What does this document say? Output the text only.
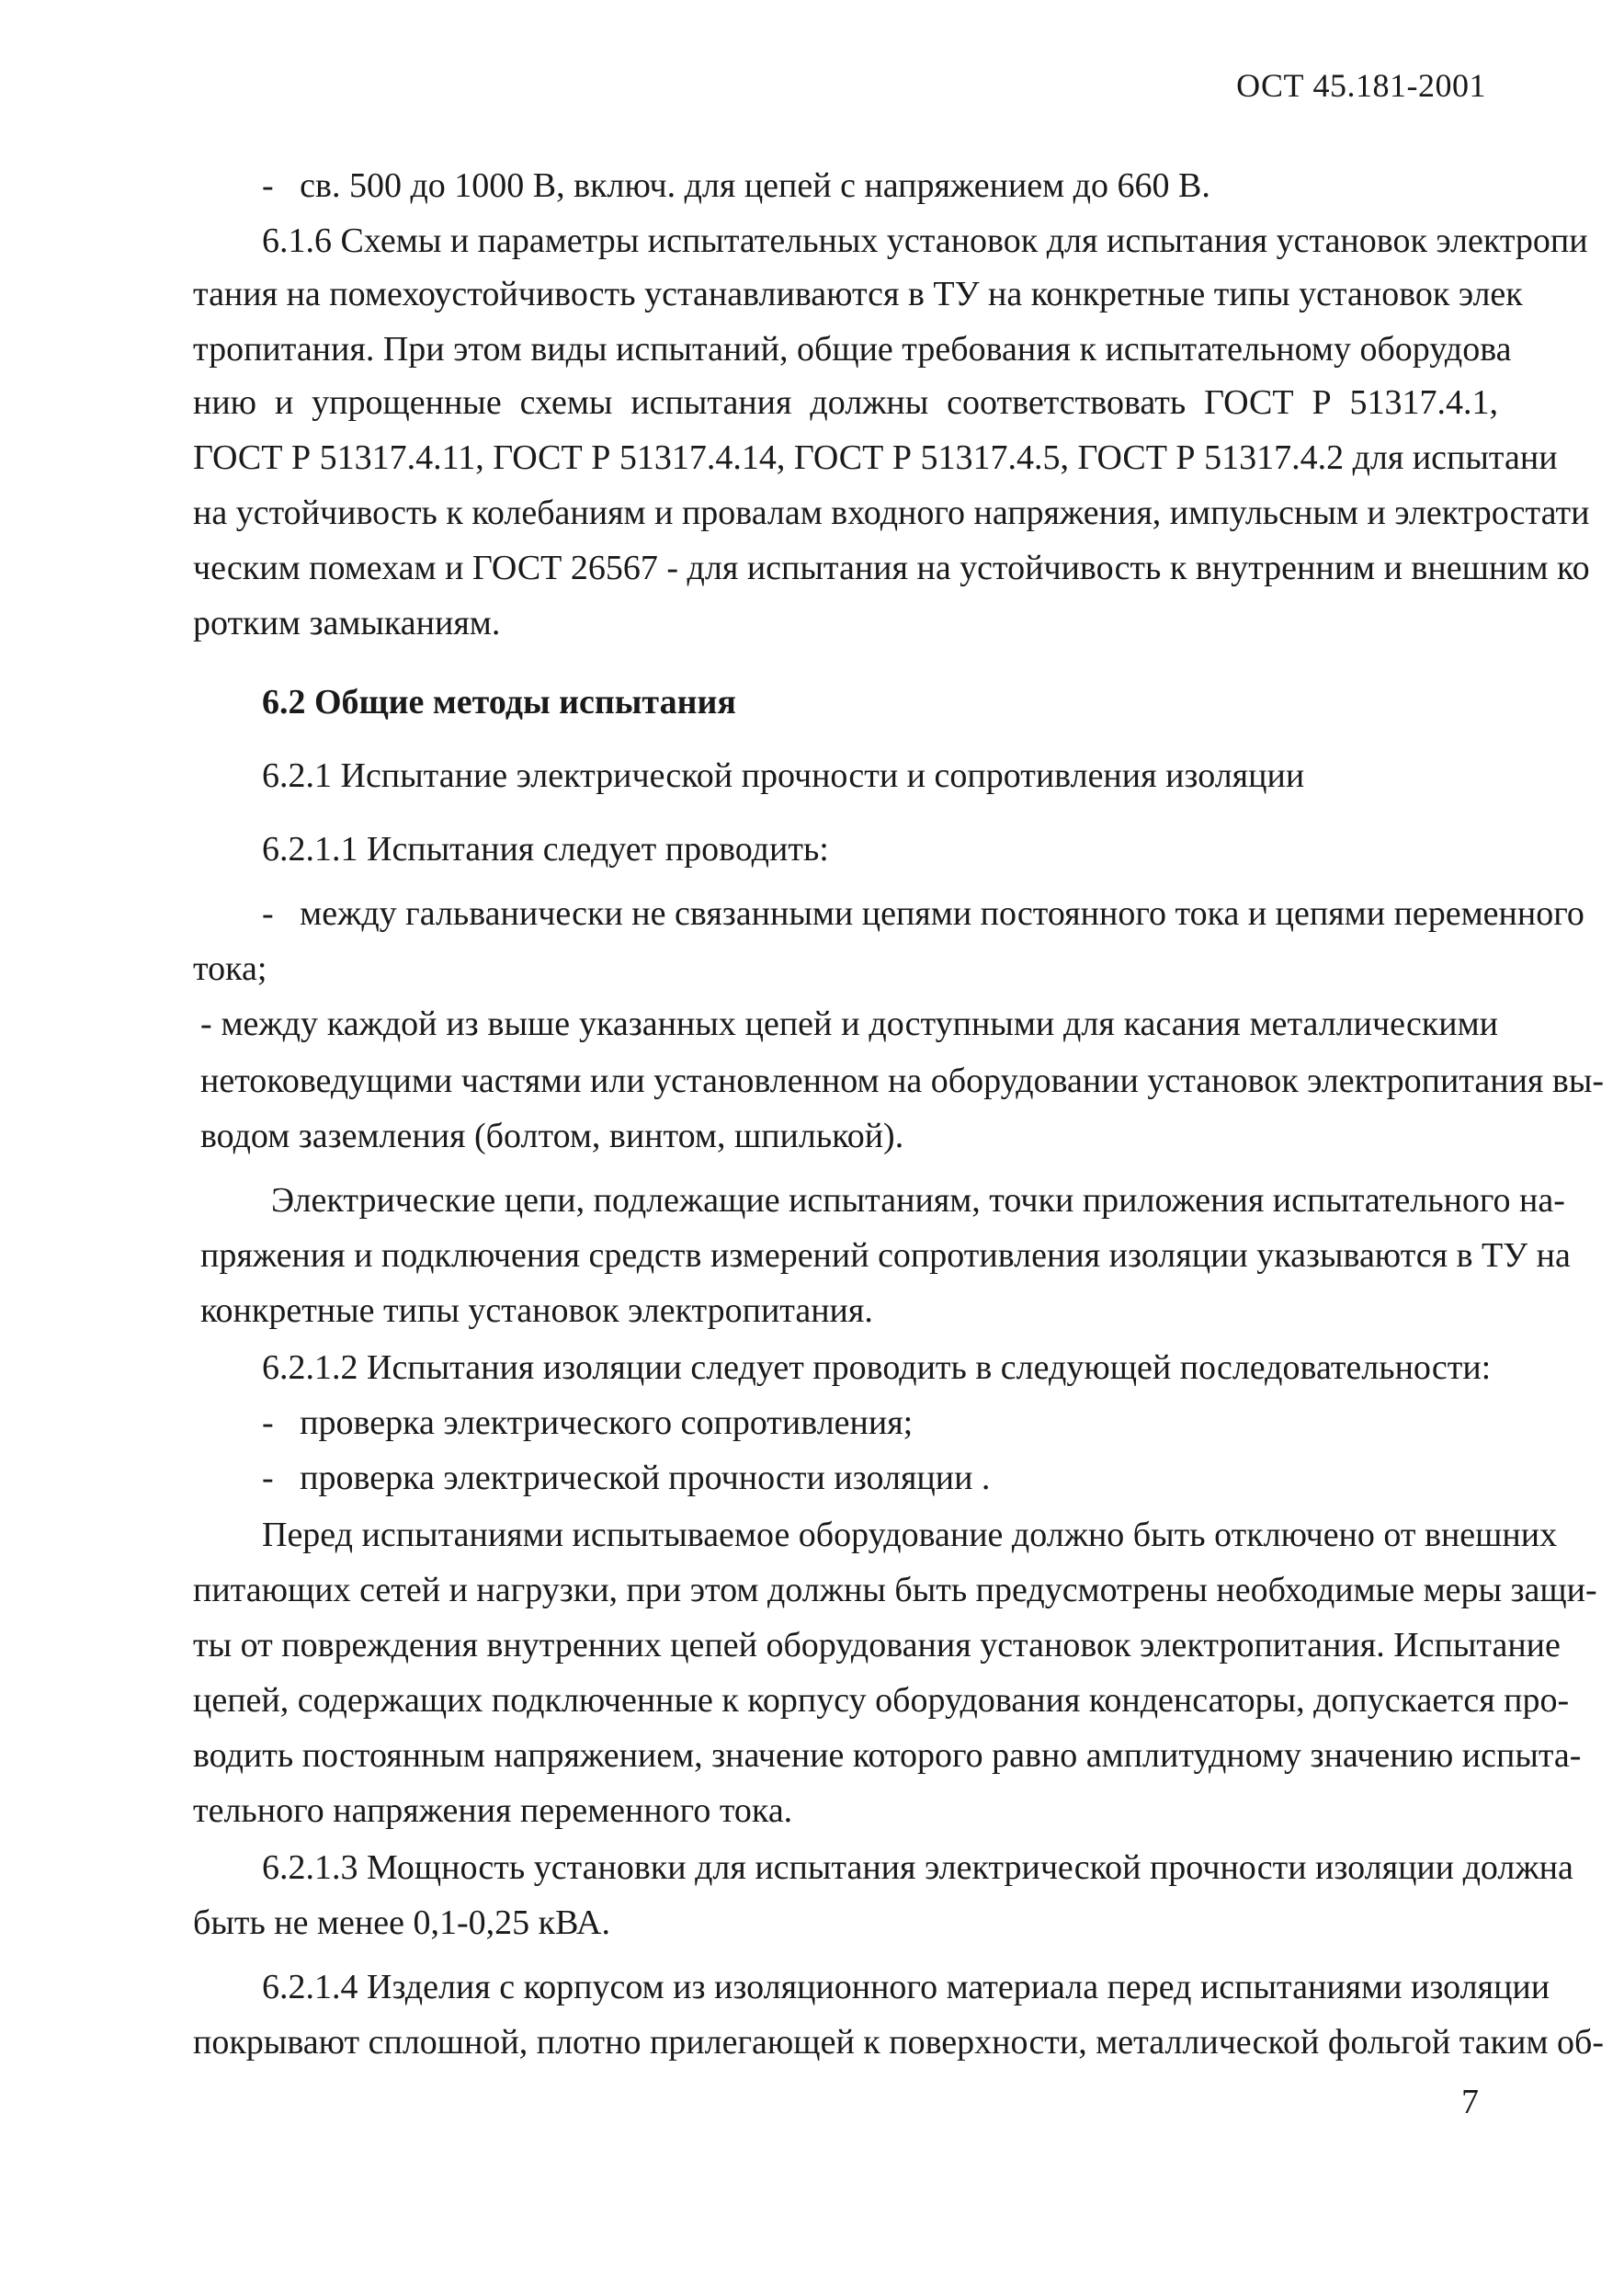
ОСТ 45.181-2001
-   св. 500 до 1000 В, включ. для цепей с напряжением до 660 В.
6.1.6 Схемы и параметры испытательных установок для испытания установок электропи
тания на помехоустойчивость устанавливаются в ТУ на конкретные типы установок элек
тропитания. При этом виды испытаний, общие требования к испытательному оборудова
нию и упрощенные схемы испытания должны соответствовать ГОСТ Р 51317.4.1,
ГОСТ Р 51317.4.11, ГОСТ Р 51317.4.14, ГОСТ Р 51317.4.5, ГОСТ Р 51317.4.2 для испытани
на устойчивость к колебаниям и провалам входного напряжения, импульсным и электростати
ческим помехам и ГОСТ 26567 - для испытания на устойчивость к внутренним и внешним ко
ротким замыканиям.
6.2 Общие методы испытания
6.2.1 Испытание электрической прочности и сопротивления изоляции
6.2.1.1 Испытания следует проводить:
-   между гальванически не связанными цепями постоянного тока и цепями переменного
тока;
- между каждой из выше указанных цепей и доступными для касания металлическими
нетоковедущими частями или установленном на оборудовании установок электропитания вы-
водом заземления (болтом, винтом, шпилькой).
Электрические цепи, подлежащие испытаниям, точки приложения испытательного на-
пряжения и подключения средств измерений сопротивления изоляции указываются в ТУ на
конкретные типы установок электропитания.
6.2.1.2 Испытания изоляции следует проводить в следующей последовательности:
-   проверка электрического сопротивления;
-   проверка электрической прочности изоляции .
Перед испытаниями испытываемое оборудование должно быть отключено от внешних
питающих сетей и нагрузки, при этом должны быть предусмотрены необходимые меры защи-
ты от повреждения внутренних цепей оборудования установок электропитания. Испытание
цепей, содержащих подключенные к корпусу оборудования конденсаторы, допускается про-
водить постоянным напряжением, значение которого равно амплитудному значению испыта-
тельного напряжения переменного тока.
6.2.1.3 Мощность установки для испытания электрической прочности изоляции должна
быть не менее 0,1-0,25 кВА.
6.2.1.4 Изделия с корпусом из изоляционного материала перед испытаниями изоляции
покрывают сплошной, плотно прилегающей к поверхности, металлической фольгой таким об-
7
